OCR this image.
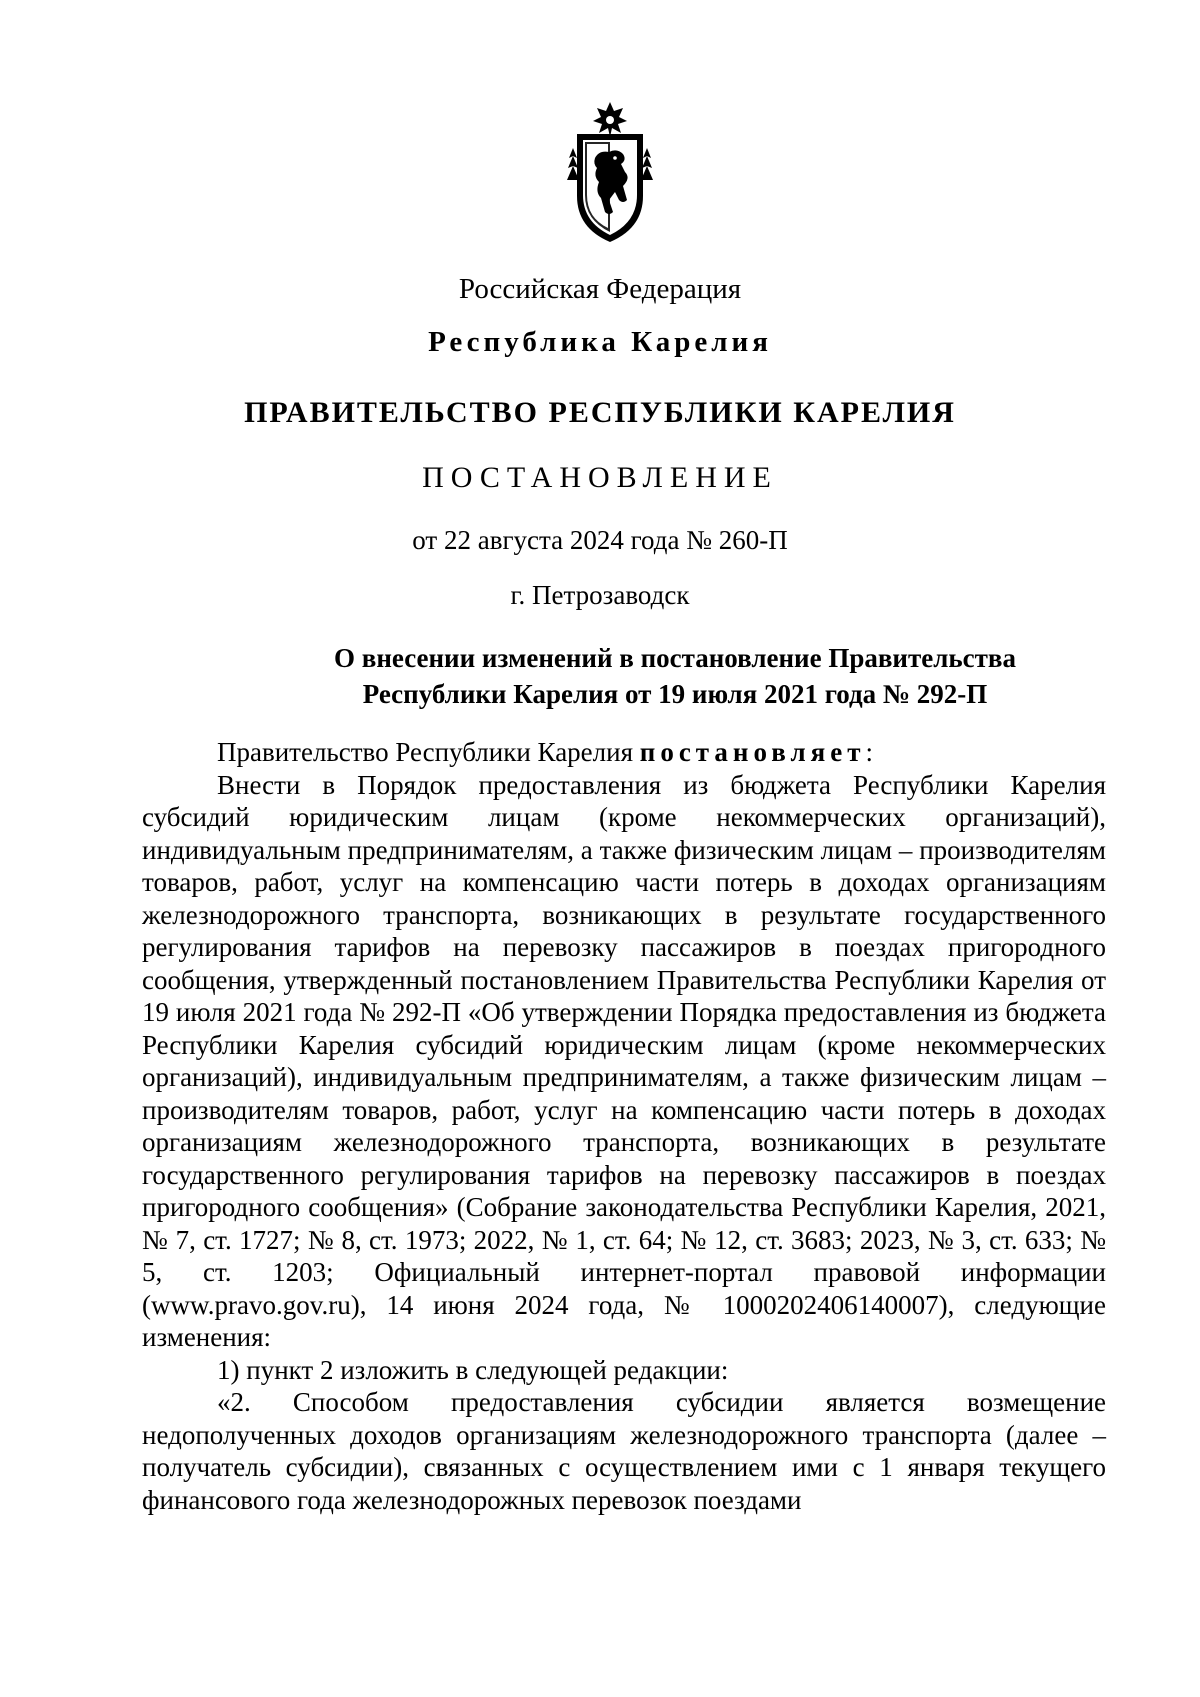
Российская Федерация
Республика Карелия
ПРАВИТЕЛЬСТВО РЕСПУБЛИКИ КАРЕЛИЯ
ПОСТАНОВЛЕНИЕ
от 22 августа 2024 года № 260-П
г. Петрозаводск
О внесении изменений в постановление Правительства
Республики Карелия от 19 июля 2021 года № 292-П

Правительство Республики Карелия постановляет:

Внести в Порядок предоставления из бюджета Республики Карелия субсидий юридическим лицам (кроме некоммерческих организаций), индивидуальным предпринимателям, а также физическим лицам – производителям товаров, работ, услуг на компенсацию части потерь в доходах организациям железнодорожного транспорта, возникающих в результате государственного регулирования тарифов на перевозку пассажиров в поездах пригородного сообщения, утвержденный постановлением Правительства Республики Карелия от 19 июля 2021 года № 292-П «Об утверждении Порядка предоставления из бюджета Республики Карелия субсидий юридическим лицам (кроме некоммерческих организаций), индивидуальным предпринимателям, а также физическим лицам – производителям товаров, работ, услуг на компенсацию части потерь в доходах организациям железнодорожного транспорта, возникающих в результате государственного регулирования тарифов на перевозку пассажиров в поездах пригородного сообщения» (Собрание законодательства Республики Карелия, 2021, № 7, ст. 1727; № 8, ст. 1973; 2022, № 1, ст. 64; № 12, ст. 3683; 2023, № 3, ст. 633; № 5, ст. 1203; Официальный интернет-портал правовой информации (www.pravo.gov.ru), 14 июня 2024 года, № 1000202406140007), следующие изменения:

1) пункт 2 изложить в следующей редакции:

«2. Способом предоставления субсидии является возмещение недополученных доходов организациям железнодорожного транспорта (далее – получатель субсидии), связанных с осуществлением ими с 1 января текущего финансового года железнодорожных перевозок поездами
